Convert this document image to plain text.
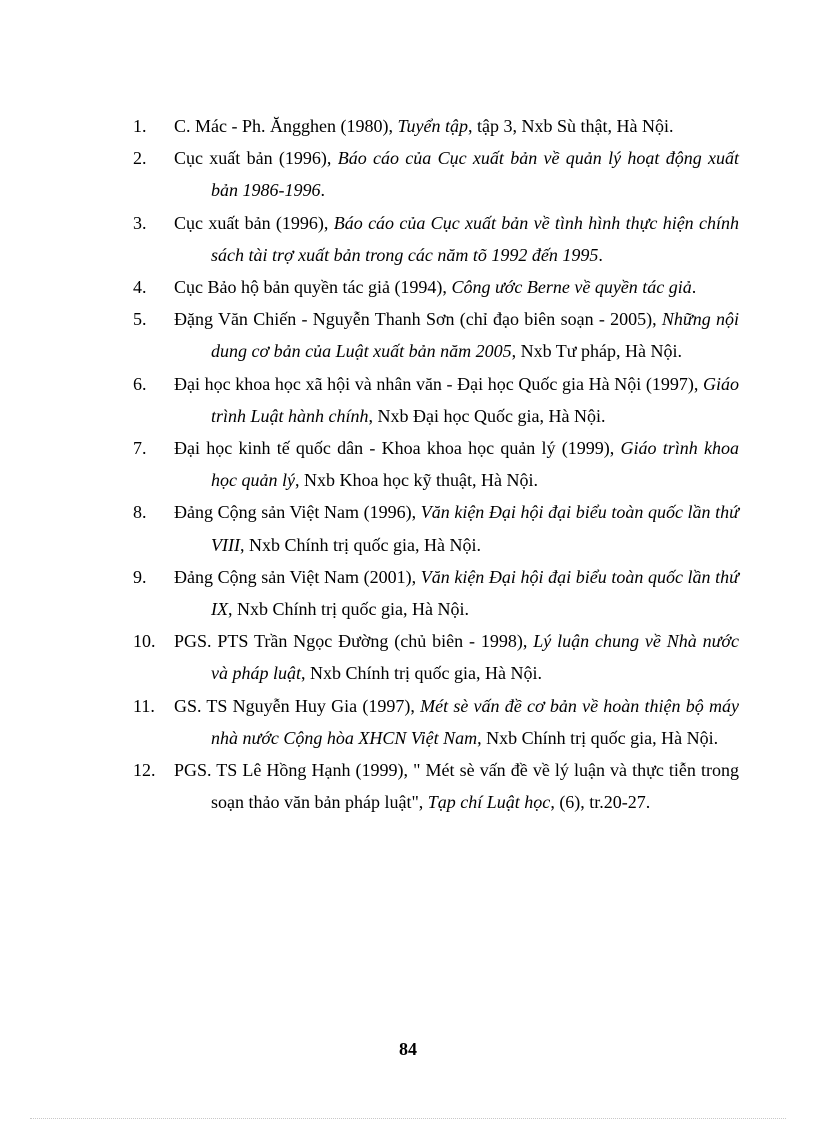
1.	C. Mác - Ph. Ăngghen (1980), Tuyển tập, tập 3, Nxb Sù thật, Hà Nội.
2.	Cục xuất bản (1996), Báo cáo của Cục xuất bản về quản lý hoạt động xuất bản 1986-1996.
3.	Cục xuất bản (1996), Báo cáo của Cục xuất bản về tình hình thực hiện chính sách tài trợ xuất bản trong các năm tõ 1992 đến 1995.
4.	Cục Bảo hộ bản quyền tác giả (1994), Công ước Berne về quyền tác giả.
5.	Đặng Văn Chiến - Nguyễn Thanh Sơn (chỉ đạo biên soạn - 2005), Những nội dung cơ bản của Luật xuất bản năm 2005, Nxb Tư pháp, Hà Nội.
6.	Đại học khoa học xã hội và nhân văn - Đại học Quốc gia Hà Nội (1997), Giáo trình Luật hành chính, Nxb Đại học Quốc gia, Hà Nội.
7.	Đại học kinh tế quốc dân - Khoa khoa học quản lý (1999), Giáo trình khoa học quản lý, Nxb Khoa học kỹ thuật, Hà Nội.
8.	Đảng Cộng sản Việt Nam (1996), Văn kiện Đại hội đại biểu toàn quốc lần thứ VIII, Nxb Chính trị quốc gia, Hà Nội.
9.	Đảng Cộng sản Việt Nam (2001), Văn kiện Đại hội đại biểu toàn quốc lần thứ IX, Nxb Chính trị quốc gia, Hà Nội.
10.	PGS. PTS Trần Ngọc Đường (chủ biên - 1998), Lý luận chung về Nhà nước và pháp luật, Nxb Chính trị quốc gia, Hà Nội.
11.	GS. TS Nguyễn Huy Gia (1997), Mét sè vấn đề cơ bản về hoàn thiện bộ máy nhà nước Cộng hòa XHCN Việt Nam, Nxb Chính trị quốc gia, Hà Nội.
12.	PGS. TS Lê Hồng Hạnh (1999), " Mét sè vấn đề về lý luận và thực tiễn trong soạn thảo văn bản pháp luật", Tạp chí Luật học, (6), tr.20-27.
84
